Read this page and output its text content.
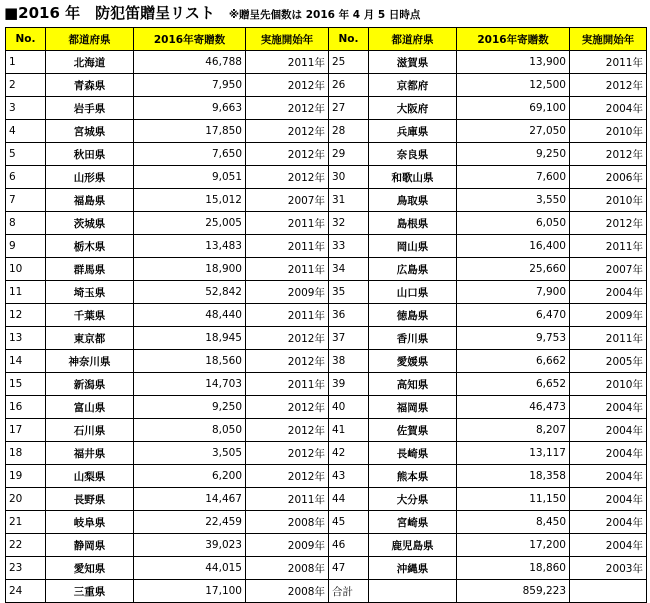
■2016 年　防犯笛贈呈リスト ※贈呈先個数は 2016 年 4 月 5 日時点
No.	都道府県	2016年寄贈数	実施開始年	No.	都道府県	2016年寄贈数	実施開始年
1	北海道	46,788	2011年	25	滋賀県	13,900	2011年
2	青森県	7,950	2012年	26	京都府	12,500	2012年
3	岩手県	9,663	2012年	27	大阪府	69,100	2004年
4	宮城県	17,850	2012年	28	兵庫県	27,050	2010年
5	秋田県	7,650	2012年	29	奈良県	9,250	2012年
6	山形県	9,051	2012年	30	和歌山県	7,600	2006年
7	福島県	15,012	2007年	31	鳥取県	3,550	2010年
8	茨城県	25,005	2011年	32	島根県	6,050	2012年
9	栃木県	13,483	2011年	33	岡山県	16,400	2011年
10	群馬県	18,900	2011年	34	広島県	25,660	2007年
11	埼玉県	52,842	2009年	35	山口県	7,900	2004年
12	千葉県	48,440	2011年	36	徳島県	6,470	2009年
13	東京都	18,945	2012年	37	香川県	9,753	2011年
14	神奈川県	18,560	2012年	38	愛媛県	6,662	2005年
15	新潟県	14,703	2011年	39	高知県	6,652	2010年
16	富山県	9,250	2012年	40	福岡県	46,473	2004年
17	石川県	8,050	2012年	41	佐賀県	8,207	2004年
18	福井県	3,505	2012年	42	長崎県	13,117	2004年
19	山梨県	6,200	2012年	43	熊本県	18,358	2004年
20	長野県	14,467	2011年	44	大分県	11,150	2004年
21	岐阜県	22,459	2008年	45	宮崎県	8,450	2004年
22	静岡県	39,023	2009年	46	鹿児島県	17,200	2004年
23	愛知県	44,015	2008年	47	沖縄県	18,860	2003年
24	三重県	17,100	2008年	合計		859,223	
